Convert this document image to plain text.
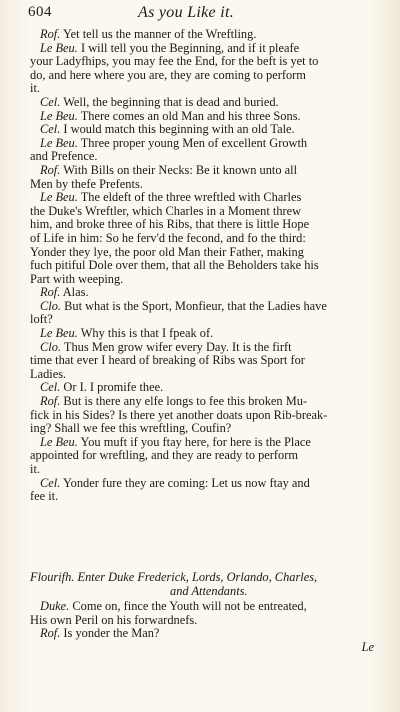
604	As you Like it.
Rof. Yet tell us the manner of the Wreftling.
Le Beu. I will tell you the Beginning, and if it pleafe
your Ladyfhips, you may fee the End, for the beft is yet to
do, and here where you are, they are coming to perform
it.
Cel. Well, the beginning that is dead and buried.
Le Beu. There comes an old Man and his three Sons.
Cel. I would match this beginning with an old Tale.
Le Beu. Three proper young Men of excellent Growth
and Prefence.
Rof. With Bills on their Necks: Be it known unto all
Men by thefe Prefents.
Le Beu. The eldeft of the three wreftled with Charles
the Duke's Wreftler, which Charles in a Moment threw
him, and broke three of his Ribs, that there is little Hope
of Life in him: So he ferv'd the fecond, and fo the third:
Yonder they lye, the poor old Man their Father, making
fuch pitiful Dole over them, that all the Beholders take his
Part with weeping.
Rof. Alas.
Clo. But what is the Sport, Monfieur, that the Ladies have
loft?
Le Beu. Why this is that I fpeak of.
Clo. Thus Men grow wifer every Day. It is the firft
time that ever I heard of breaking of Ribs was Sport for
Ladies.
Cel. Or I. I promife thee.
Rof. But is there any elfe longs to fee this broken Mu-
fick in his Sides? Is there yet another doats upon Rib-break-
ing? Shall we fee this wreftling, Coufin?
Le Beu. You muft if you ftay here, for here is the Place
appointed for wreftling, and they are ready to perform
it.
Cel. Yonder fure they are coming: Let us now ftay and
fee it.
Flourifh. Enter Duke Frederick, Lords, Orlando, Charles,
and Attendants.
Duke. Come on, fince the Youth will not be entreated,
His own Peril on his forwardnefs.
Rof. Is yonder the Man?
Le
